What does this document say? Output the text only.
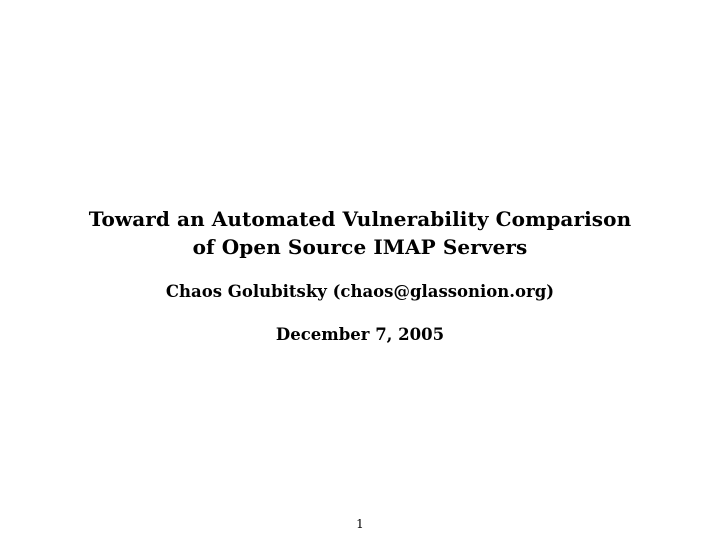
Toward an Automated Vulnerability Comparison
of Open Source IMAP Servers
Chaos Golubitsky (chaos@glassonion.org)
December 7, 2005
1
